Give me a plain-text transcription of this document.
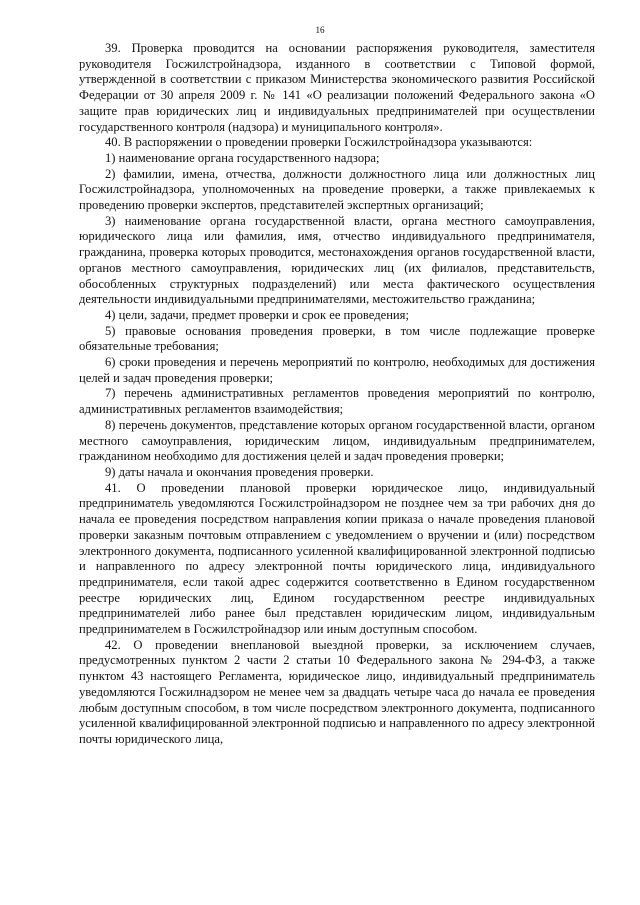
16

39. Проверка проводится на основании распоряжения руководителя, заместителя руководителя Госжилстройнадзора, изданного в соответствии с Типовой формой, утвержденной в соответствии с приказом Министерства экономического развития Российской Федерации от 30 апреля 2009 г. № 141 «О реализации положений Федерального закона «О защите прав юридических лиц и индивидуальных предпринимателей при осуществлении государственного контроля (надзора) и муниципального контроля».

40. В распоряжении о проведении проверки Госжилстройнадзора указываются:

1) наименование органа государственного надзора;

2) фамилии, имена, отчества, должности должностного лица или должностных лиц Госжилстройнадзора, уполномоченных на проведение проверки, а также привлекаемых к проведению проверки экспертов, представителей экспертных организаций;

3) наименование органа государственной власти, органа местного самоуправления, юридического лица или фамилия, имя, отчество индивидуального предпринимателя, гражданина, проверка которых проводится, местонахождения органов государственной власти, органов местного самоуправления, юридических лиц (их филиалов, представительств, обособленных структурных подразделений) или места фактического осуществления деятельности индивидуальными предпринимателями, местожительство гражданина;

4) цели, задачи, предмет проверки и срок ее проведения;

5) правовые основания проведения проверки, в том числе подлежащие проверке обязательные требования;

6) сроки проведения и перечень мероприятий по контролю, необходимых для достижения целей и задач проведения проверки;

7) перечень административных регламентов проведения мероприятий по контролю, административных регламентов взаимодействия;

8) перечень документов, представление которых органом государственной власти, органом местного самоуправления, юридическим лицом, индивидуальным предпринимателем, гражданином необходимо для достижения целей и задач проведения проверки;

9) даты начала и окончания проведения проверки.

41. О проведении плановой проверки юридическое лицо, индивидуальный предприниматель уведомляются Госжилстройнадзором не позднее чем за три рабочих дня до начала ее проведения посредством направления копии приказа о начале проведения плановой проверки заказным почтовым отправлением с уведомлением о вручении и (или) посредством электронного документа, подписанного усиленной квалифицированной электронной подписью и направленного по адресу электронной почты юридического лица, индивидуального предпринимателя, если такой адрес содержится соответственно в Едином государственном реестре юридических лиц, Едином государственном реестре индивидуальных предпринимателей либо ранее был представлен юридическим лицом, индивидуальным предпринимателем в Госжилстройнадзор или иным доступным способом.

42. О проведении внеплановой выездной проверки, за исключением случаев, предусмотренных пунктом 2 части 2 статьи 10 Федерального закона № 294-ФЗ, а также пунктом 43 настоящего Регламента, юридическое лицо, индивидуальный предприниматель уведомляются Госжилнадзором не менее чем за двадцать четыре часа до начала ее проведения любым доступным способом, в том числе посредством электронного документа, подписанного усиленной квалифицированной электронной подписью и направленного по адресу электронной почты юридического лица,
